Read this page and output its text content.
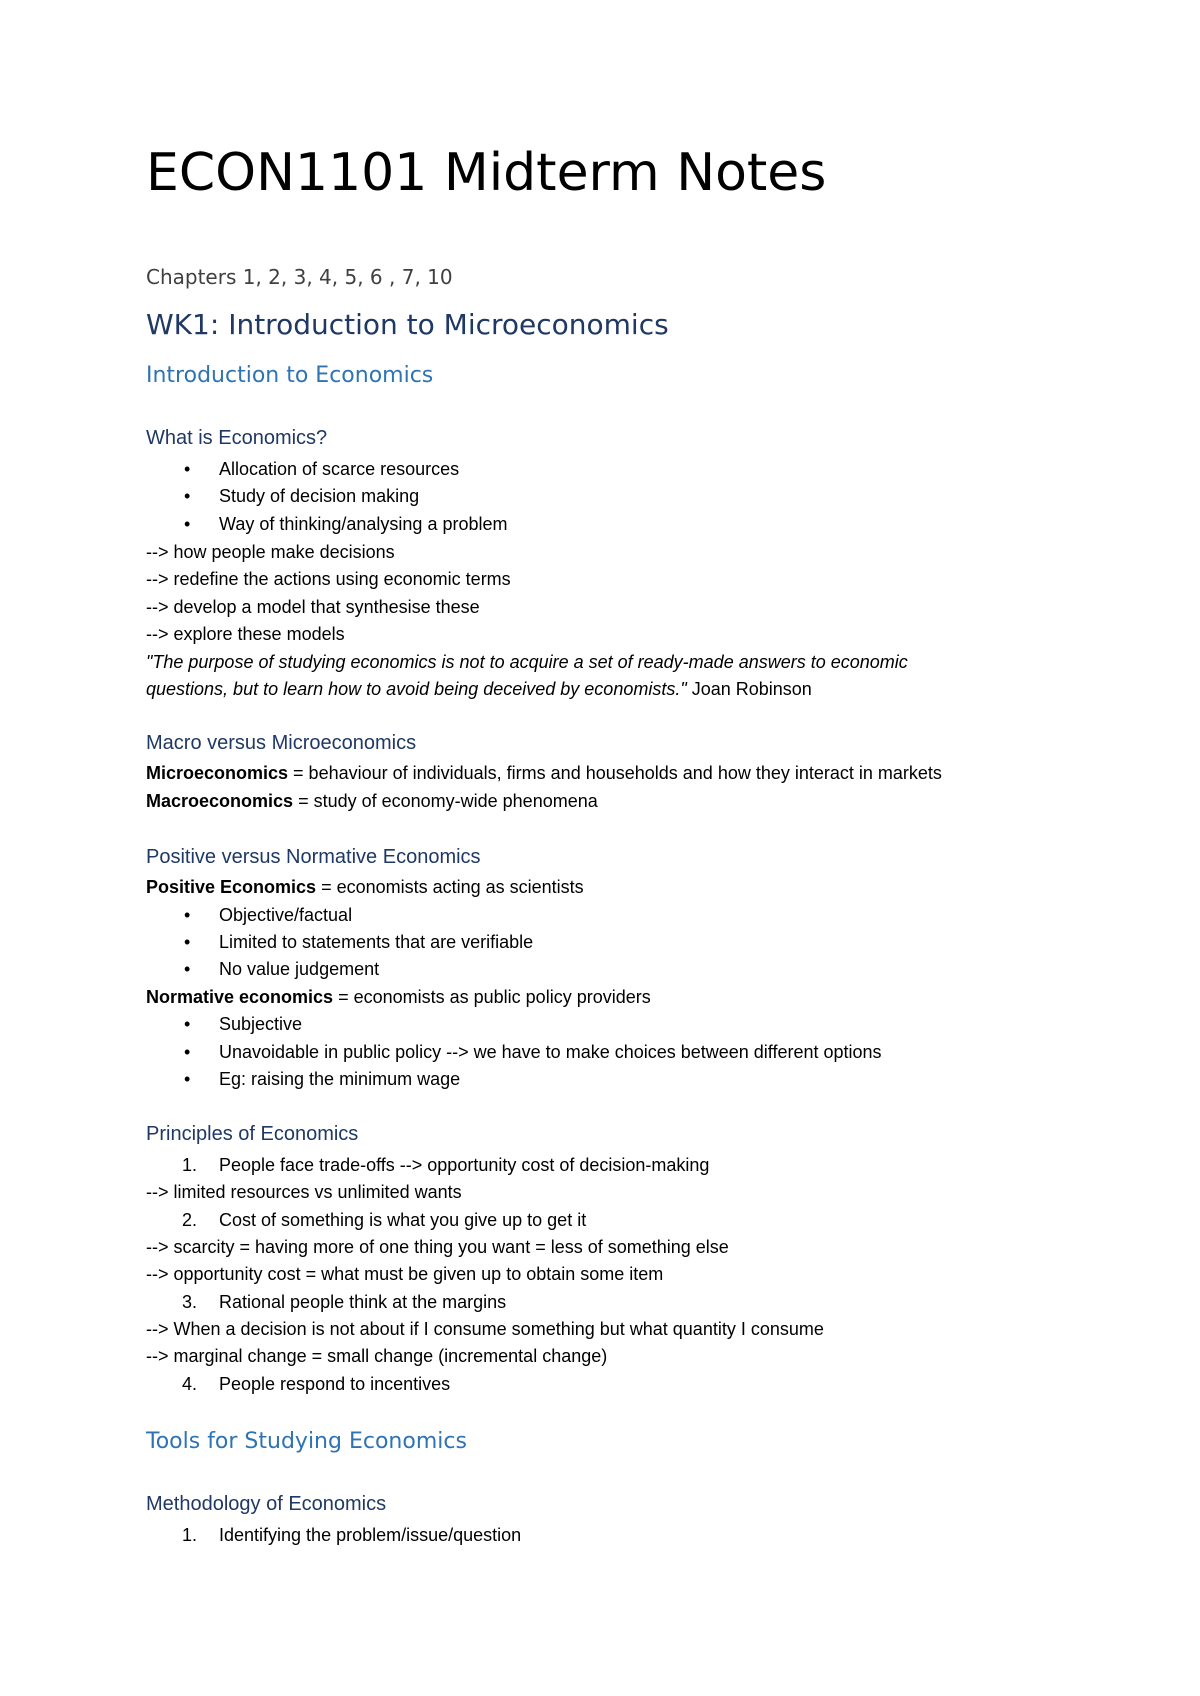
ECON1101 Midterm Notes
Chapters 1, 2, 3, 4, 5, 6 , 7, 10
WK1: Introduction to Microeconomics
Introduction to Economics
What is Economics?
• Allocation of scarce resources
• Study of decision making
• Way of thinking/analysing a problem
--> how people make decisions
--> redefine the actions using economic terms
--> develop a model that synthesise these
--> explore these models
"The purpose of studying economics is not to acquire a set of ready-made answers to economic
questions, but to learn how to avoid being deceived by economists." Joan Robinson
Macro versus Microeconomics
Microeconomics = behaviour of individuals, firms and households and how they interact in markets
Macroeconomics = study of economy-wide phenomena
Positive versus Normative Economics
Positive Economics = economists acting as scientists
• Objective/factual
• Limited to statements that are verifiable
• No value judgement
Normative economics = economists as public policy providers
• Subjective
• Unavoidable in public policy --> we have to make choices between different options
• Eg: raising the minimum wage
Principles of Economics
1. People face trade-offs --> opportunity cost of decision-making
--> limited resources vs unlimited wants
2. Cost of something is what you give up to get it
--> scarcity = having more of one thing you want = less of something else
--> opportunity cost = what must be given up to obtain some item
3. Rational people think at the margins
--> When a decision is not about if I consume something but what quantity I consume
--> marginal change = small change (incremental change)
4. People respond to incentives
Tools for Studying Economics
Methodology of Economics
1. Identifying the problem/issue/question
